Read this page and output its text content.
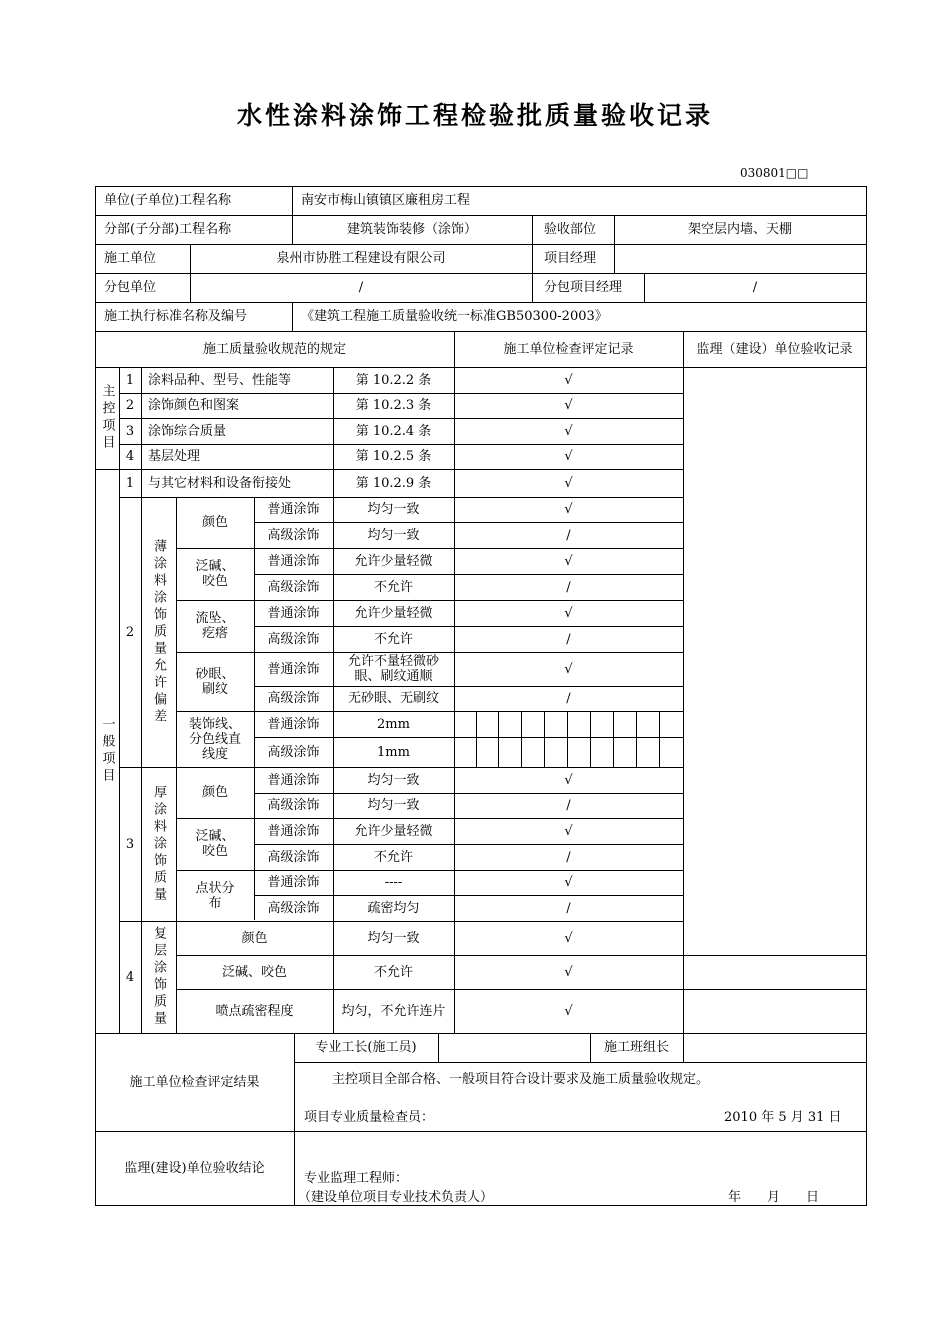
水性涂料涂饰工程检验批质量验收记录
030801□□
单位(子单位)工程名称	南安市梅山镇镇区廉租房工程
分部(子分部)工程名称	建筑装饰装修（涂饰）	验收部位	架空层内墙、天棚
施工单位	泉州市协胜工程建设有限公司	项目经理
分包单位	/	分包项目经理	/
施工执行标准名称及编号	《建筑工程施工质量验收统一标准GB50300-2003》
施工质量验收规范的规定	施工单位检查评定记录	监理（建设）单位验收记录
主控项目
1 涂料品种、型号、性能等	第 10.2.2 条	√
2 涂饰颜色和图案	第 10.2.3 条	√
3 涂饰综合质量	第 10.2.4 条	√
4 基层处理	第 10.2.5 条	√
一般项目
1 与其它材料和设备衔接处	第 10.2.9 条	√
2 薄涂料涂饰质量允许偏差
颜色
普通涂饰	均匀一致	√
高级涂饰	均匀一致	/
泛碱、咬色
普通涂饰	允许少量轻微	√
高级涂饰	不允许	/
流坠、疙瘩
普通涂饰	允许少量轻微	√
高级涂饰	不允许	/
砂眼、刷纹
普通涂饰	允许不量轻微砂眼、刷纹通顺	√
高级涂饰 无砂眼、无刷纹	/
装饰线、分色线直线度
普通涂饰	2mm
高级涂饰	1mm
3 厚涂料涂饰质量	颜色
普通涂饰	均匀一致	√
高级涂饰	均匀一致	/
泛碱、咬色
普通涂饰	允许少量轻微	√
高级涂饰	不允许	/
点状分布
普通涂饰	----	√
高级涂饰	疏密均匀	/
4 复层涂饰质量	颜色	均匀一致	√
泛碱、咬色	不允许	√
喷点疏密程度	均匀，不允许连片	√
施工单位检查评定结果
专业工长(施工员)	施工班组长
主控项目全部合格、一般项目符合设计要求及施工质量验收规定。
项目专业质量检查员：	2010 年 5 月 31 日
监理(建设)单位验收结论
专业监理工程师：
（建设单位项目专业技术负责人）	年　　月　　日
